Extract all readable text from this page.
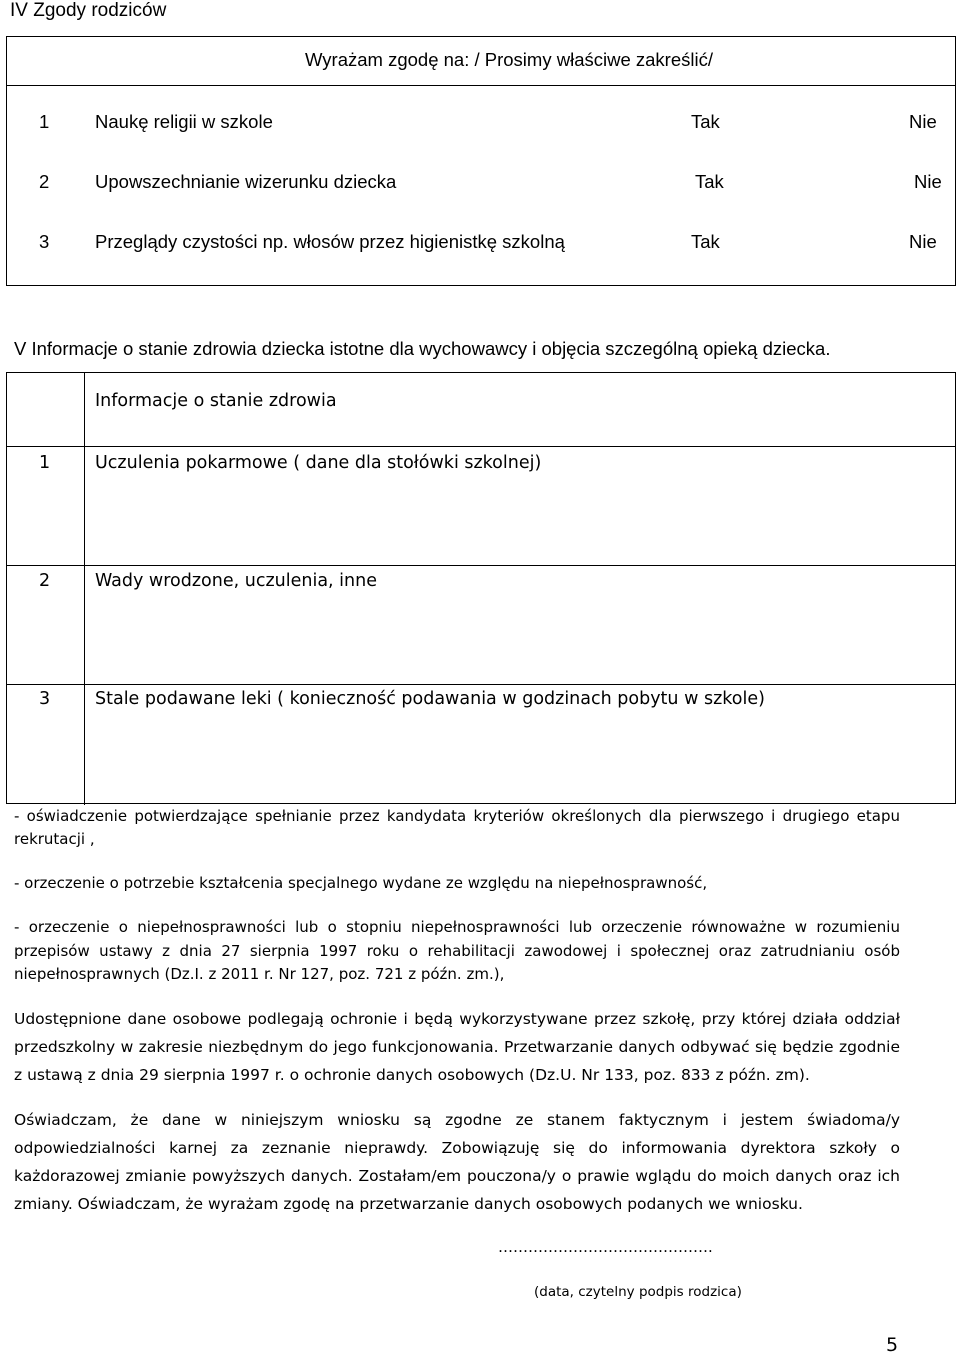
IV Zgody rodziców
Wyrażam zgodę na: / Prosimy właściwe zakreślić/
1 Naukę religii w szkole	Tak	Nie
2 Upowszechnianie wizerunku dziecka	Tak	Nie
3 Przeglądy czystości np. włosów przez higienistkę szkolną	Tak	Nie
V Informacje o stanie zdrowia dziecka istotne dla wychowawcy i objęcia szczególną opieką dziecka.
Informacje o stanie zdrowia
1	Uczulenia pokarmowe ( dane dla stołówki szkolnej)
2	Wady wrodzone, uczulenia, inne
3	Stale podawane leki ( konieczność podawania w godzinach pobytu w szkole)
- oświadczenie potwierdzające spełnianie przez kandydata kryteriów określonych dla pierwszego i drugiego etapu rekrutacji ,
- orzeczenie o potrzebie kształcenia specjalnego wydane ze względu na niepełnosprawność,
- orzeczenie o niepełnosprawności lub o stopniu niepełnosprawności lub orzeczenie równoważne w rozumieniu przepisów ustawy z dnia 27 sierpnia 1997 roku o rehabilitacji zawodowej i społecznej oraz zatrudnianiu osób niepełnosprawnych (Dz.I. z 2011 r. Nr 127, poz. 721 z późn. zm.),
Udostępnione dane osobowe podlegają ochronie i będą wykorzystywane przez szkołę, przy której działa oddział przedszkolny w zakresie niezbędnym do jego funkcjonowania. Przetwarzanie danych odbywać się będzie zgodnie z ustawą z dnia 29 sierpnia 1997 r. o ochronie danych osobowych (Dz.U. Nr 133, poz. 833 z późn. zm).
Oświadczam, że dane w niniejszym wniosku są zgodne ze stanem faktycznym i jestem świadoma/y odpowiedzialności karnej za zeznanie nieprawdy. Zobowiązuję się do informowania dyrektora szkoły o każdorazowej zmianie powyższych danych. Zostałam/em pouczona/y o prawie wglądu do moich danych oraz ich zmiany. Oświadczam, że wyrażam zgodę na przetwarzanie danych osobowych podanych we wniosku.
…………………………………….
(data, czytelny podpis rodzica)
5
